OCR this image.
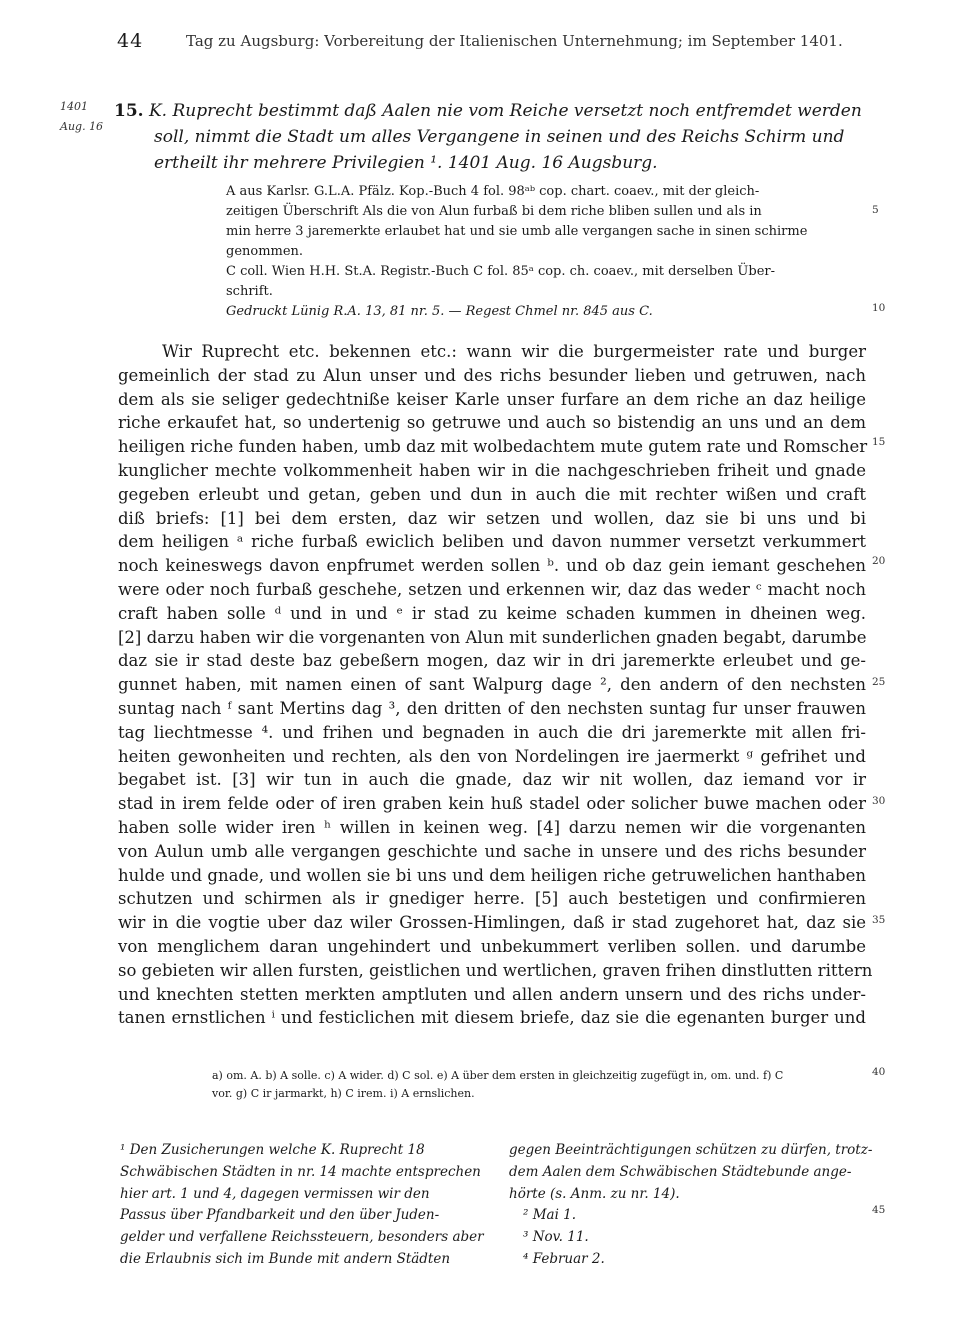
44	Tag zu Augsburg: Vorbereitung der Italienischen Unternehmung; im September 1401.
1401
Aug. 16
15. K. Ruprecht bestimmt daß Aalen nie vom Reiche versetzt noch entfremdet werden
soll, nimmt die Stadt um alles Vergangene in seinen und des Reichs Schirm und
ertheilt ihr mehrere Privilegien ¹. 1401 Aug. 16 Augsburg.
A aus Karlsr. G.L.A. Pfälz. Kop.-Buch 4 fol. 98ᵃᵇ cop. chart. coaev., mit der gleich-
zeitigen Überschrift Als die von Alun furbaß bi dem riche bliben sullen und als in
min herre 3 jaremerkte erlaubet hat und sie umb alle vergangen sache in sinen schirme
genommen.
C coll. Wien H.H. St.A. Registr.-Buch C fol. 85ᵃ cop. ch. coaev., mit derselben Über-
schrift.
Gedruckt Lünig R.A. 13, 81 nr. 5. — Regest Chmel nr. 845 aus C.
5
10
15
20
25
30
35
40
45
Wir Ruprecht etc. bekennen etc.: wann wir die burgermeister rate und burger
gemeinlich der stad zu Alun unser und des richs besunder lieben und getruwen, nach
dem als sie seliger gedechtniße keiser Karle unser furfare an dem riche an daz heilige
riche erkaufet hat, so undertenig so getruwe und auch so bistendig an uns und an dem
heiligen riche funden haben, umb daz mit wolbedachtem mute gutem rate und Romscher
kunglicher mechte volkommenheit haben wir in die nachgeschrieben friheit und gnade
gegeben erleubt und getan, geben und dun in auch die mit rechter wißen und craft
diß briefs: [1] bei dem ersten, daz wir setzen und wollen, daz sie bi uns und bi
dem heiligen ᵃ riche furbaß ewiclich beliben und davon nummer versetzt verkummert
noch keineswegs davon enpfrumet werden sollen ᵇ. und ob daz gein iemant geschehen
were oder noch furbaß geschehe, setzen und erkennen wir, daz das weder ᶜ macht noch
craft haben solle ᵈ und in und ᵉ ir stad zu keime schaden kummen in dheinen weg.
[2] darzu haben wir die vorgenanten von Alun mit sunderlichen gnaden begabt, darumbe
daz sie ir stad deste baz gebeßern mogen, daz wir in dri jaremerkte erleubet und ge-
gunnet haben, mit namen einen of sant Walpurg dage ², den andern of den nechsten
suntag nach ᶠ sant Mertins dag ³, den dritten of den nechsten suntag fur unser frauwen
tag liechtmesse ⁴. und frihen und begnaden in auch die dri jaremerkte mit allen fri-
heiten gewonheiten und rechten, als den von Nordelingen ire jaermerkt ᵍ gefrihet und
begabet ist. [3] wir tun in auch die gnade, daz wir nit wollen, daz iemand vor ir
stad in irem felde oder of iren graben kein huß stadel oder solicher buwe machen oder
haben solle wider iren ʰ willen in keinen weg. [4] darzu nemen wir die vorgenanten
von Aulun umb alle vergangen geschichte und sache in unsere und des richs besunder
hulde und gnade, und wollen sie bi uns und dem heiligen riche getruwelichen hanthaben
schutzen und schirmen als ir gnediger herre. [5] auch bestetigen und confirmieren
wir in die vogtie uber daz wiler Grossen-Himlingen, daß ir stad zugehoret hat, daz sie
von menglichem daran ungehindert und unbekummert verliben sollen. und darumbe
so gebieten wir allen fursten, geistlichen und wertlichen, graven frihen dinstlutten rittern
und knechten stetten merkten amptluten und allen andern unsern und des richs under-
tanen ernstlichen ⁱ und festiclichen mit diesem briefe, daz sie die egenanten burger und
a) om. A. b) A solle. c) A wider. d) C sol. e) A über dem ersten in gleichzeitig zugefügt in, om. und. f) C
vor. g) C ir jarmarkt, h) C irem. i) A ernslichen.
¹ Den Zusicherungen welche K. Ruprecht 18
Schwäbischen Städten in nr. 14 machte entsprechen
hier art. 1 und 4, dagegen vermissen wir den
Passus über Pfandbarkeit und den über Juden-
gelder und verfallene Reichssteuern, besonders aber
die Erlaubnis sich im Bunde mit andern Städten
gegen Beeinträchtigungen schützen zu dürfen, trotz-
dem Aalen dem Schwäbischen Städtebunde ange-
hörte (s. Anm. zu nr. 14).
² Mai 1.
³ Nov. 11.
⁴ Februar 2.
